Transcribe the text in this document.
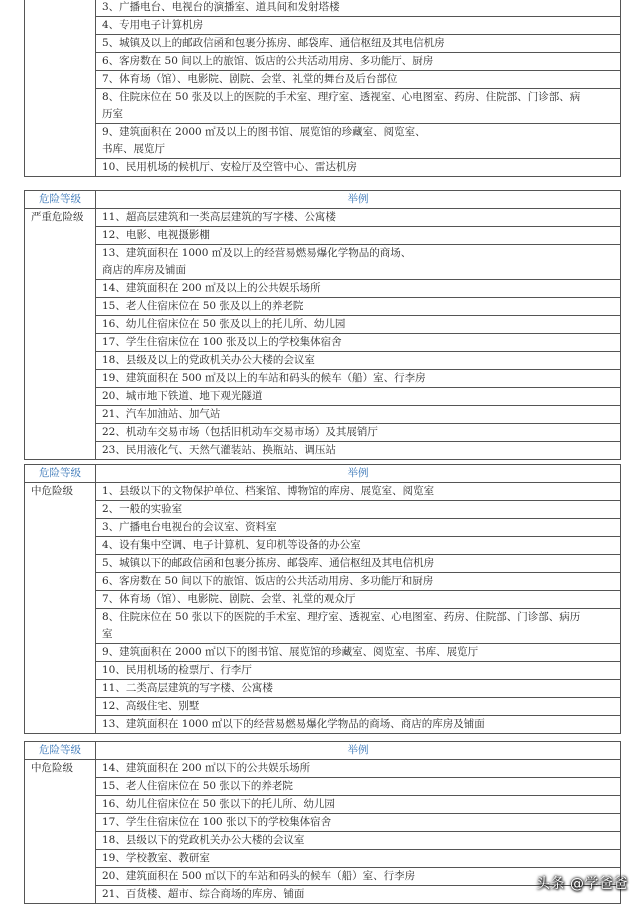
	3、广播电台、电视台的演播室、道具间和发射塔楼
4、专用电子计算机房
5、城镇及以上的邮政信函和包裹分拣房、邮袋库、通信枢纽及其电信机房
6、客房数在 50 间以上的旅馆、饭店的公共活动用房、多功能厅、厨房
7、体育场（馆）、电影院、剧院、会堂、礼堂的舞台及后台部位

8、住院床位在 50 张及以上的医院的手术室、理疗室、透视室、心电图室、药房、住院部、门诊部、病
历室

9、建筑面积在 2000 ㎡及以上的图书馆、展览馆的珍藏室、阅览室、
书库、展览厅

10、民用机场的候机厅、安检厅及空管中心、雷达机房
危险等级	举例
严重危险级	11、超高层建筑和一类高层建筑的写字楼、公寓楼
	12、电影、电视摄影棚

	13、建筑面积在 1000 ㎡及以上的经营易燃易爆化学物品的商场、
商店的库房及铺面

	14、建筑面积在 200 ㎡及以上的公共娱乐场所
	15、老人住宿床位在 50 张及以上的养老院
	16、幼儿住宿床位在 50 张及以上的托儿所、幼儿园
	17、学生住宿床位在 100 张及以上的学校集体宿舍
	18、县级及以上的党政机关办公大楼的会议室
	19、建筑面积在 500 ㎡及以上的车站和码头的候车（船）室、行李房
	20、城市地下铁道、地下观光隧道
	21、汽车加油站、加气站
	22、机动车交易市场（包括旧机动车交易市场）及其展销厅
	23、民用液化气、天然气灌装站、换瓶站、调压站
危险等级	举例
中危险级	1、县级以下的文物保护单位、档案馆、博物馆的库房、展览室、阅览室
	2、一般的实验室
	3、广播电台电视台的会议室、资料室
	4、设有集中空调、电子计算机、复印机等设备的办公室
	5、城镇以下的邮政信函和包裹分拣房、邮袋库、通信枢纽及其电信机房
	6、客房数在 50 间以下的旅馆、饭店的公共活动用房、多功能厅和厨房
	7、体育场（馆）、电影院、剧院、会堂、礼堂的观众厅

	8、住院床位在 50 张以下的医院的手术室、理疗室、透视室、心电图室、药房、住院部、门诊部、病历
室

	9、建筑面积在 2000 ㎡以下的图书馆、展览馆的珍藏室、阅览室、书库、展览厅
	10、民用机场的检票厅、行李厅
	11、二类高层建筑的写字楼、公寓楼
	12、高级住宅、别墅
	13、建筑面积在 1000 ㎡以下的经营易燃易爆化学物品的商场、商店的库房及铺面
危险等级	举例
中危险级	14、建筑面积在 200 ㎡以下的公共娱乐场所
	15、老人住宿床位在 50 张以下的养老院
	16、幼儿住宿床位在 50 张以下的托儿所、幼儿园
	17、学生住宿床位在 100 张以下的学校集体宿舍
	18、县级以下的党政机关办公大楼的会议室
	19、学校教室、教研室
	20、建筑面积在 500 ㎡以下的车站和码头的候车（船）室、行李房
	21、百货楼、超市、综合商场的库房、铺面
头条 @学爸爸
